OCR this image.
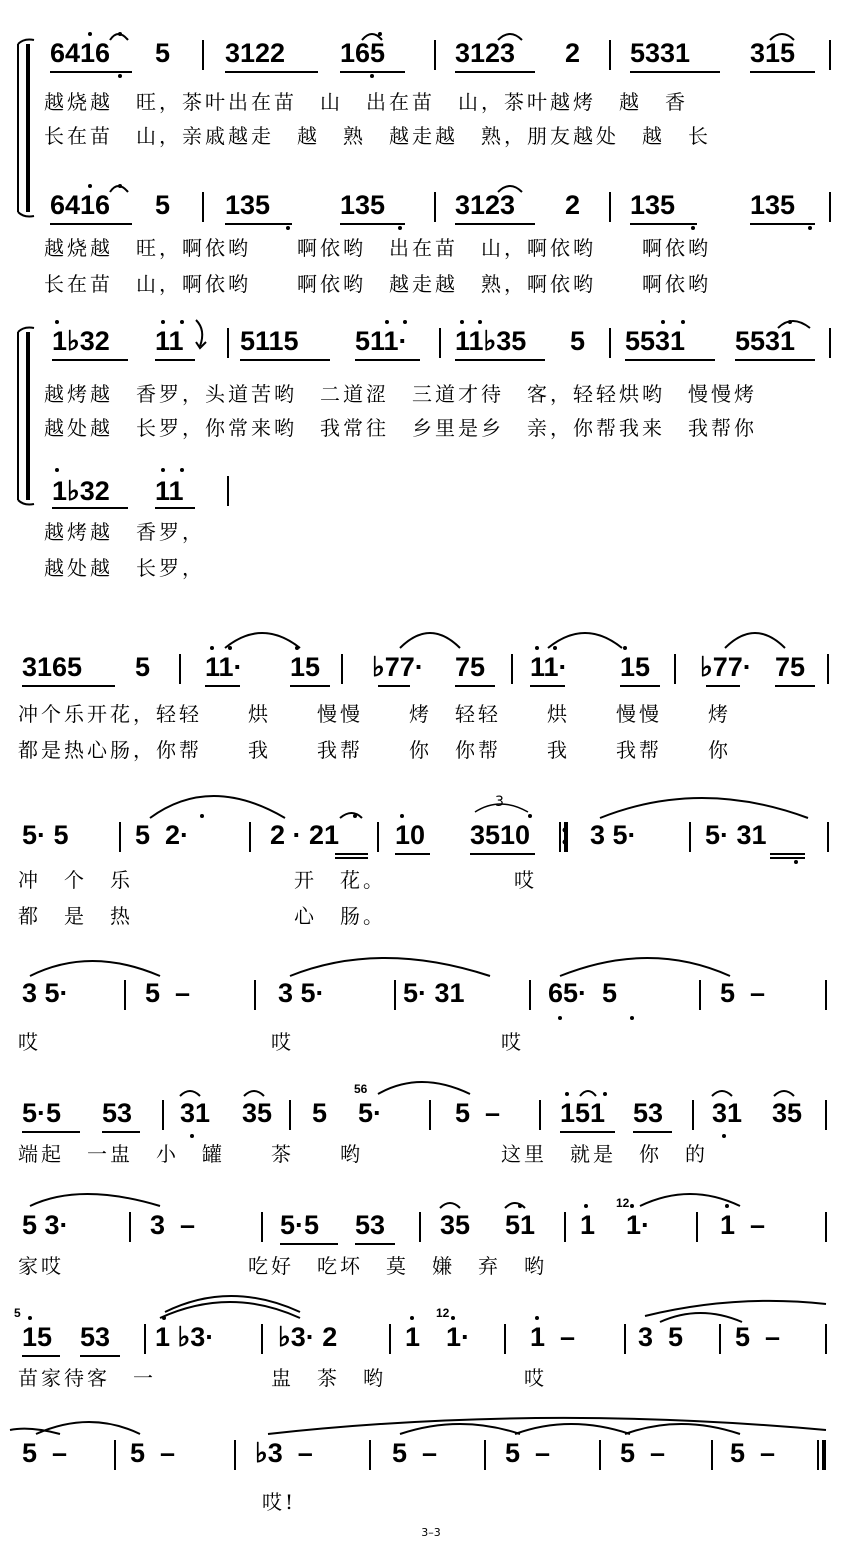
6416 5 3122 165	3123 2 5331 315
越烧越　旺，茶叶出在苗　山　出在苗　山，茶叶越烤　越　香
长在苗　山，亲戚越走　越　熟　越走越　熟，朋友越处　越　长
6416 5 135	135	3123 2 135	135
越烧越　旺，啊依哟　　啊依哟　出在苗　山，啊依哟　　啊依哟
长在苗　山，啊依哟　　啊依哟　越走越　熟，啊依哟　　啊依哟
1♭32 11 5115 511· 11♭35 5 5531 5531
越烤越　香罗，头道苦哟　二道涩　三道才待　客，轻轻烘哟　慢慢烤
越处越　长罗，你常来哟　我常往　乡里是乡　亲，你帮我来　我帮你
1♭32 11
越烤越　香罗，
越处越　长罗，
3165 5 11· 15 ♭77· 75 11· 15 ♭77· 75
冲个乐开花，轻轻　　烘　　慢慢　　烤　轻轻　　烘　　慢慢　　烤
都是热心肠，你帮　　我　　我帮　　你　你帮　　我　　我帮　　你
5· 5 5  2·	2 · 21 10 3510 3 5·	5· 31
冲　个　乐　　　　　　　开　花。　　　　　　哎
都　是　热　　　　　　　心　肠。
3 5·	5  –	3 5·	5· 31	65·  5	5  –
哎　　　　　　　　　　哎　　　　　　　　　哎
5·5 53 31 35 5 5·	5  – 151 53 31 35
端起　一盅　小　罐　　茶　　哟　　　　　　这里　就是　你　的
5 3·	3  –	5·5 53 35 51 1 1·	1  –
家哎　　　　　　　　吃好　吃坏　莫　嫌　弃　哟
15 53 1 ♭3· ♭3· 2	1 1· 1  – 3  5 5  –
苗家待客　一　　　　　盅　茶　哟　　　　　　哎
5  – 5  –	♭3  –	5  –	5  –	5  – 5  –
哎!
56
12
5	12
3–3
3
